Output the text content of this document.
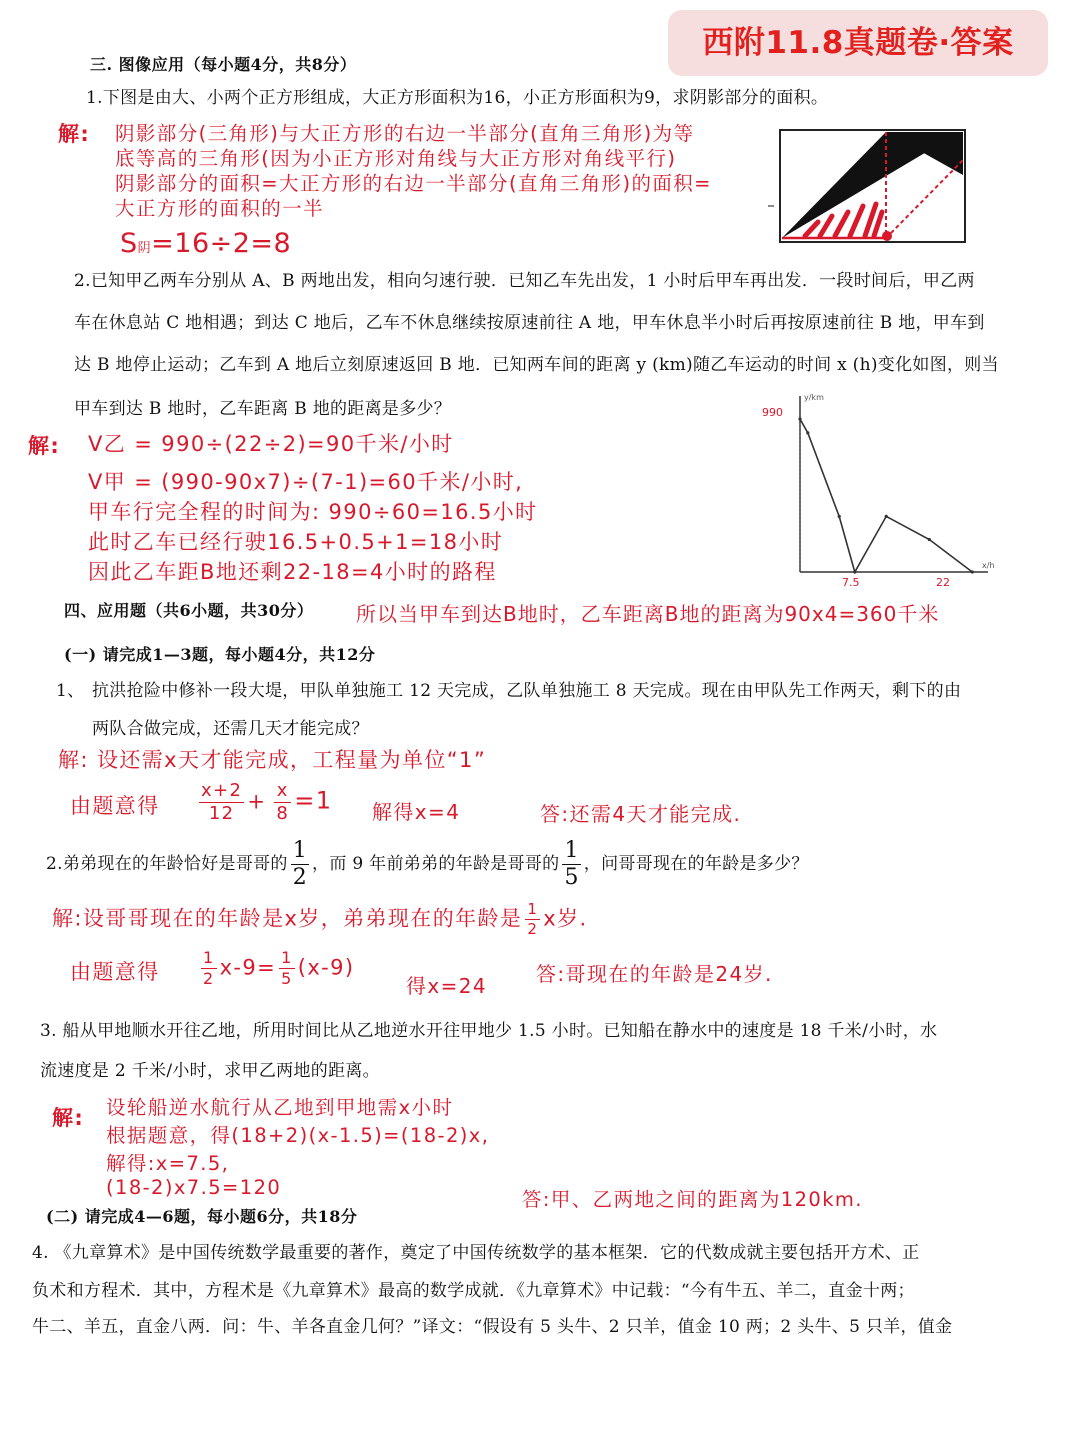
西附11.8真题卷·答案
三. 图像应用（每小题4分，共8分）
1.下图是由大、小两个正方形组成，大正方形面积为16，小正方形面积为9，求阴影部分的面积。
解: 阴影部分(三角形)与大正方形的右边一半部分(直角三角形)为等
底等高的三角形(因为小正方形对角线与大正方形对角线平行)
阴影部分的面积=大正方形的右边一半部分(直角三角形)的面积=
大正方形的面积的一半
S阴=16÷2=8
2.已知甲乙两车分别从 A、B 两地出发，相向匀速行驶．已知乙车先出发，1 小时后甲车再出发．一段时间后，甲乙两
车在休息站 C 地相遇；到达 C 地后，乙车不休息继续按原速前往 A 地，甲车休息半小时后再按原速前往 B 地，甲车到
达 B 地停止运动；乙车到 A 地后立刻原速返回 B 地．已知两车间的距离 y (km)随乙车运动的时间 x (h)变化如图，则当
甲车到达 B 地时，乙车距离 B 地的距离是多少？
解: V乙 = 990÷(22÷2)=90千米/小时
V甲 = (990-90x7)÷(7-1)=60千米/小时,
甲车行完全程的时间为: 990÷60=16.5小时
此时乙车已经行驶16.5+0.5+1=18小时
因此乙车距B地还剩22-18=4小时的路程	x/h
y/km
990
7.5	22
四、应用题（共6小题，共30分） 所以当甲车到达B地时，乙车距离B地的距离为90x4=360千米
(一) 请完成1—3题，每小题4分，共12分
1、 抗洪抢险中修补一段大堤，甲队单独施工 12 天完成，乙队单独施工 8 天完成。现在由甲队先工作两天，剩下的由
两队合做完成，还需几天才能完成？
解: 设还需x天才能完成，工程量为单位“1”
由题意得 $\frac{x+2}{12} + \frac{x}{8} =1$ 解得x=4	答:还需4天才能完成.
2.弟弟现在的年龄恰好是哥哥的 $\frac{1}{2}$ ，而 9 年前弟弟的年龄是哥哥的 $\frac{1}{5}$ ，问哥哥现在的年龄是多少？
解:设哥哥现在的年龄是x岁，弟弟现在的年龄是 $\frac{1}{2}$ x岁.
由题意得	$\frac{1}{2} x-9= \frac{1}{5} (x-9)$
得x=24 答:哥现在的年龄是24岁.
3. 船从甲地顺水开往乙地，所用时间比从乙地逆水开往甲地少 1.5 小时。已知船在静水中的速度是 18 千米/小时，水
流速度是 2 千米/小时，求甲乙两地的距离。
解: 设轮船逆水航行从乙地到甲地需x小时
根据题意，得(18+2)(x-1.5)=(18-2)x,
解得:x=7.5,
(18-2)x7.5=120
答:甲、乙两地之间的距离为120km.
(二) 请完成4—6题，每小题6分，共18分
4. 《九章算术》是中国传统数学最重要的著作，奠定了中国传统数学的基本框架．它的代数成就主要包括开方术、正
负术和方程术．其中，方程术是《九章算术》最高的数学成就．《九章算术》中记载：“今有牛五、羊二，直金十两；
牛二、羊五，直金八两．问：牛、羊各直金几何？”译文：“假设有 5 头牛、2 只羊，值金 10 两；2 头牛、5 只羊，值金
